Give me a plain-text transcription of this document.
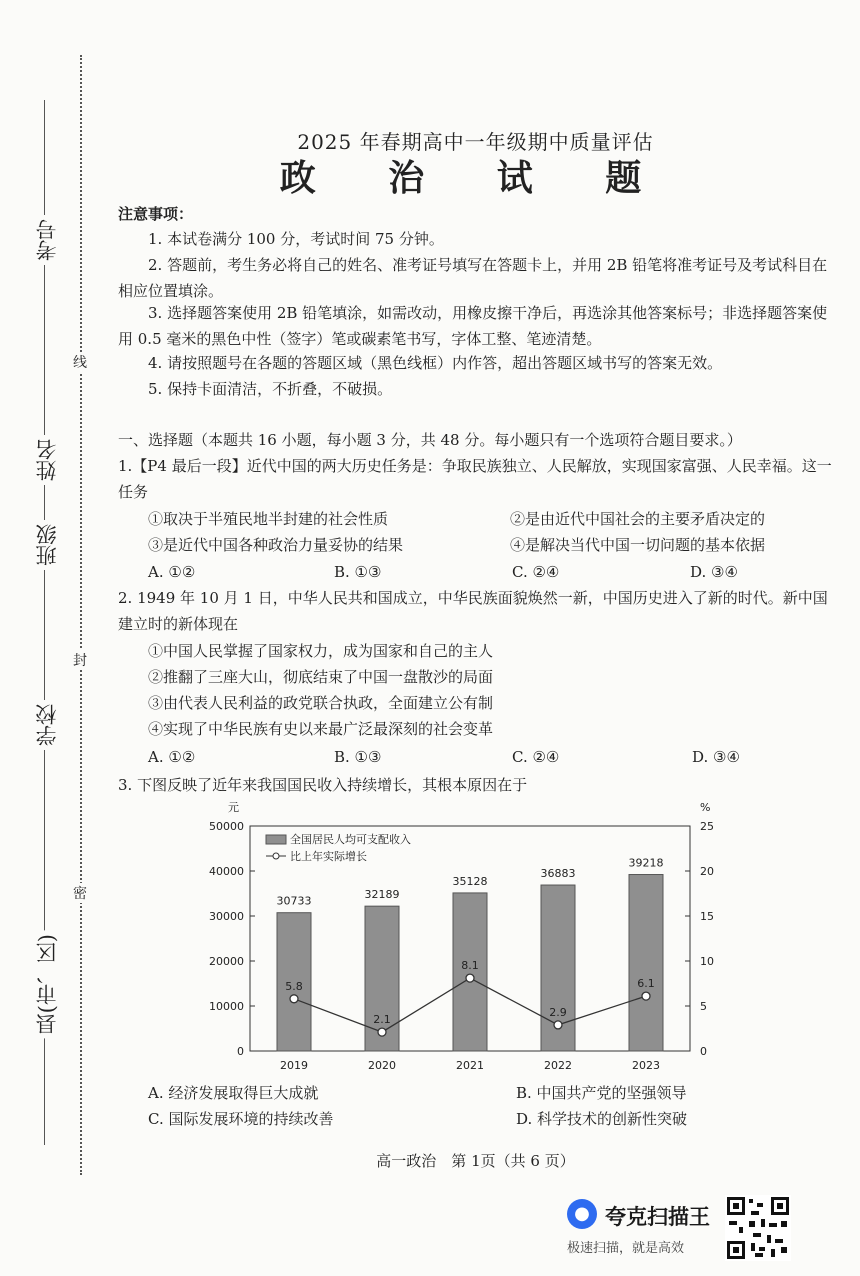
考号
姓名
班级
学校
县(市、区)
线
封
密
2025 年春期高中一年级期中质量评估
政 治 试 题
注意事项：
1. 本试卷满分 100 分，考试时间 75 分钟。
2. 答题前，考生务必将自己的姓名、准考证号填写在答题卡上，并用 2B 铅笔将准考证号及考试科目在相应位置填涂。
3. 选择题答案使用 2B 铅笔填涂，如需改动，用橡皮擦干净后，再选涂其他答案标号；非选择题答案使用 0.5 毫米的黑色中性（签字）笔或碳素笔书写，字体工整、笔迹清楚。
4. 请按照题号在各题的答题区域（黑色线框）内作答，超出答题区域书写的答案无效。
5. 保持卡面清洁，不折叠，不破损。
一、选择题（本题共 16 小题，每小题 3 分，共 48 分。每小题只有一个选项符合题目要求。）
1.【P4 最后一段】近代中国的两大历史任务是：争取民族独立、人民解放，实现国家富强、人民幸福。这一任务
①取决于半殖民地半封建的社会性质	②是由近代中国社会的主要矛盾决定的
③是近代中国各种政治力量妥协的结果	④是解决当代中国一切问题的基本依据
A. ①②	B. ①③	C. ②④	D. ③④
2. 1949 年 10 月 1 日，中华人民共和国成立，中华民族面貌焕然一新，中国历史进入了新的时代。新中国建立时的新体现在
①中国人民掌握了国家权力，成为国家和自己的主人
②推翻了三座大山，彻底结束了中国一盘散沙的局面
③由代表人民利益的政党联合执政，全面建立公有制
④实现了中华民族有史以来最广泛最深刻的社会变革
A. ①②	B. ①③	C. ②④	D. ③④
3. 下图反映了近年来我国国民收入持续增长，其根本原因在于
A. 经济发展取得巨大成就	B. 中国共产党的坚强领导
C. 国际发展环境的持续改善	D. 科学技术的创新性突破
高一政治　第 1页（共 6 页）
元	%
0
10000
20000
30000
40000
50000
0
5
10
15
20
25
30733
32189
35128
36883
39218
2019	2020	2021	2022	2023
5.8
2.1
8.1
2.9
6.1
全国居民人均可支配收入
比上年实际增长
● 夸克扫描王
极速扫描，就是高效
